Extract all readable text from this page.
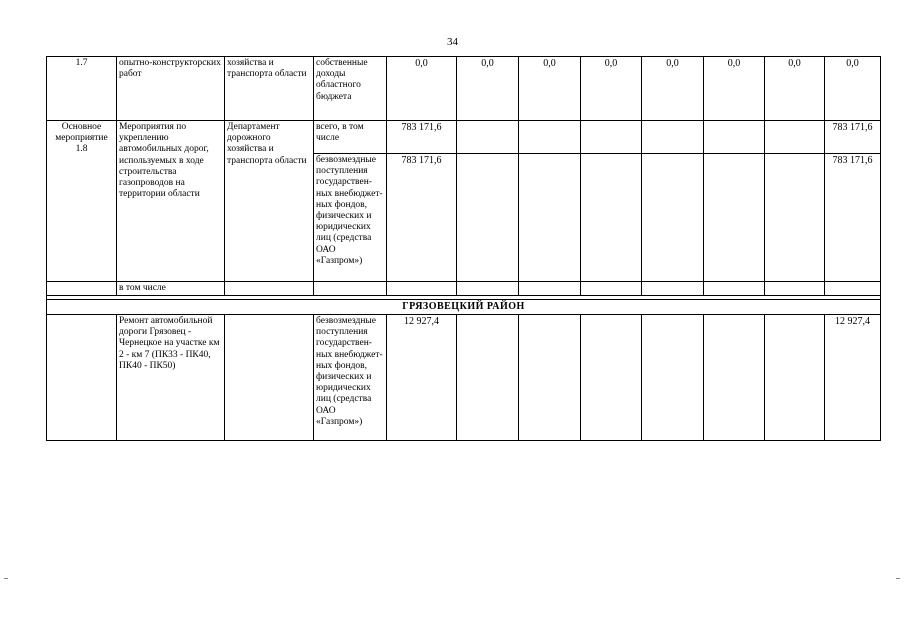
34
1.7	опытно-конструкторских работ	хозяйства и транспорта области	собственные доходы областного бюджета	0,0	0,0	0,0	0,0	0,0	0,0	0,0	0,0
Основное мероприятие 1.8	Мероприятия по укреплению автомобильных дорог, используемых в ходе строительства газопроводов на территории области	Департамент дорожного хозяйства и транспорта области	всего, в том числе	783 171,6							783 171,6
			безвозмездные поступления государствен-ных внебюджет-ных фондов, физических и юридических лиц (средства ОАО «Газпром»)	783 171,6							783 171,6
	в том числе										

ГРЯЗОВЕЦКИЙ РАЙОН											
	Ремонт автомобильной дороги Грязовец - Чернецкое на участке км 2 - км 7 (ПК33 - ПК40, ПК40 - ПК50)		безвозмездные поступления государствен-ных внебюджет-ных фондов, физических и юридических лиц (средства ОАО «Газпром»)	12 927,4							12 927,4
